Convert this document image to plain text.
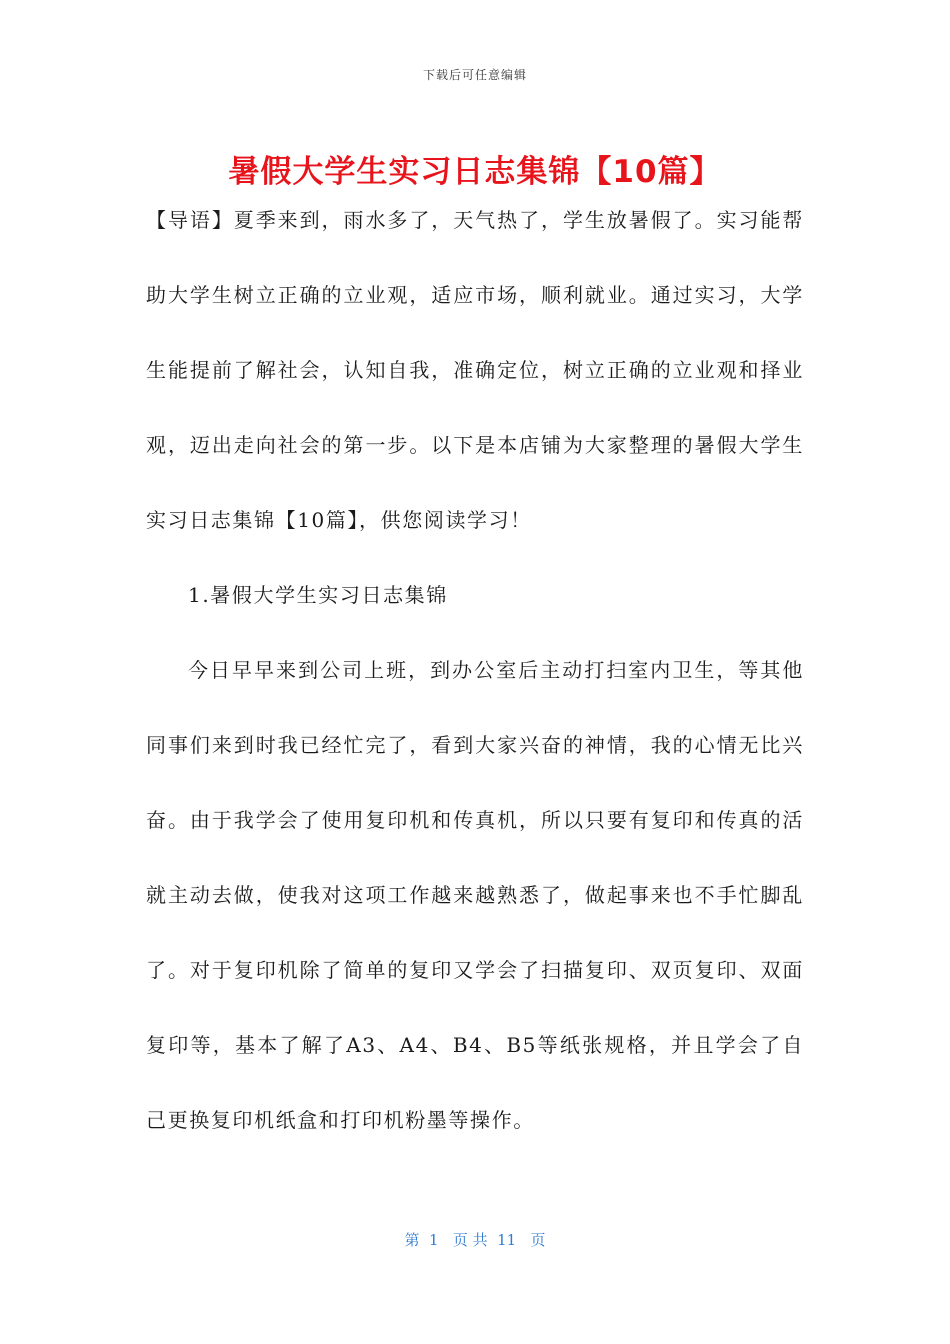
下载后可任意编辑
暑假大学生实习日志集锦【10篇】

【导语】夏季来到，雨水多了，天气热了，学生放暑假了。实习能帮助大学生树立正确的立业观，适应市场，顺利就业。通过实习，大学生能提前了解社会，认知自我，准确定位，树立正确的立业观和择业观，迈出走向社会的第一步。以下是本店铺为大家整理的暑假大学生实习日志集锦【10篇】，供您阅读学习！

1.暑假大学生实习日志集锦

今日早早来到公司上班，到办公室后主动打扫室内卫生，等其他同事们来到时我已经忙完了，看到大家兴奋的神情，我的心情无比兴奋。由于我学会了使用复印机和传真机，所以只要有复印和传真的活就主动去做，使我对这项工作越来越熟悉了，做起事来也不手忙脚乱了。对于复印机除了简单的复印又学会了扫描复印、双页复印、双面复印等，基本了解了A3、A4、B4、B5等纸张规格，并且学会了自己更换复印机纸盒和打印机粉墨等操作。

第  1   页 共  11   页
